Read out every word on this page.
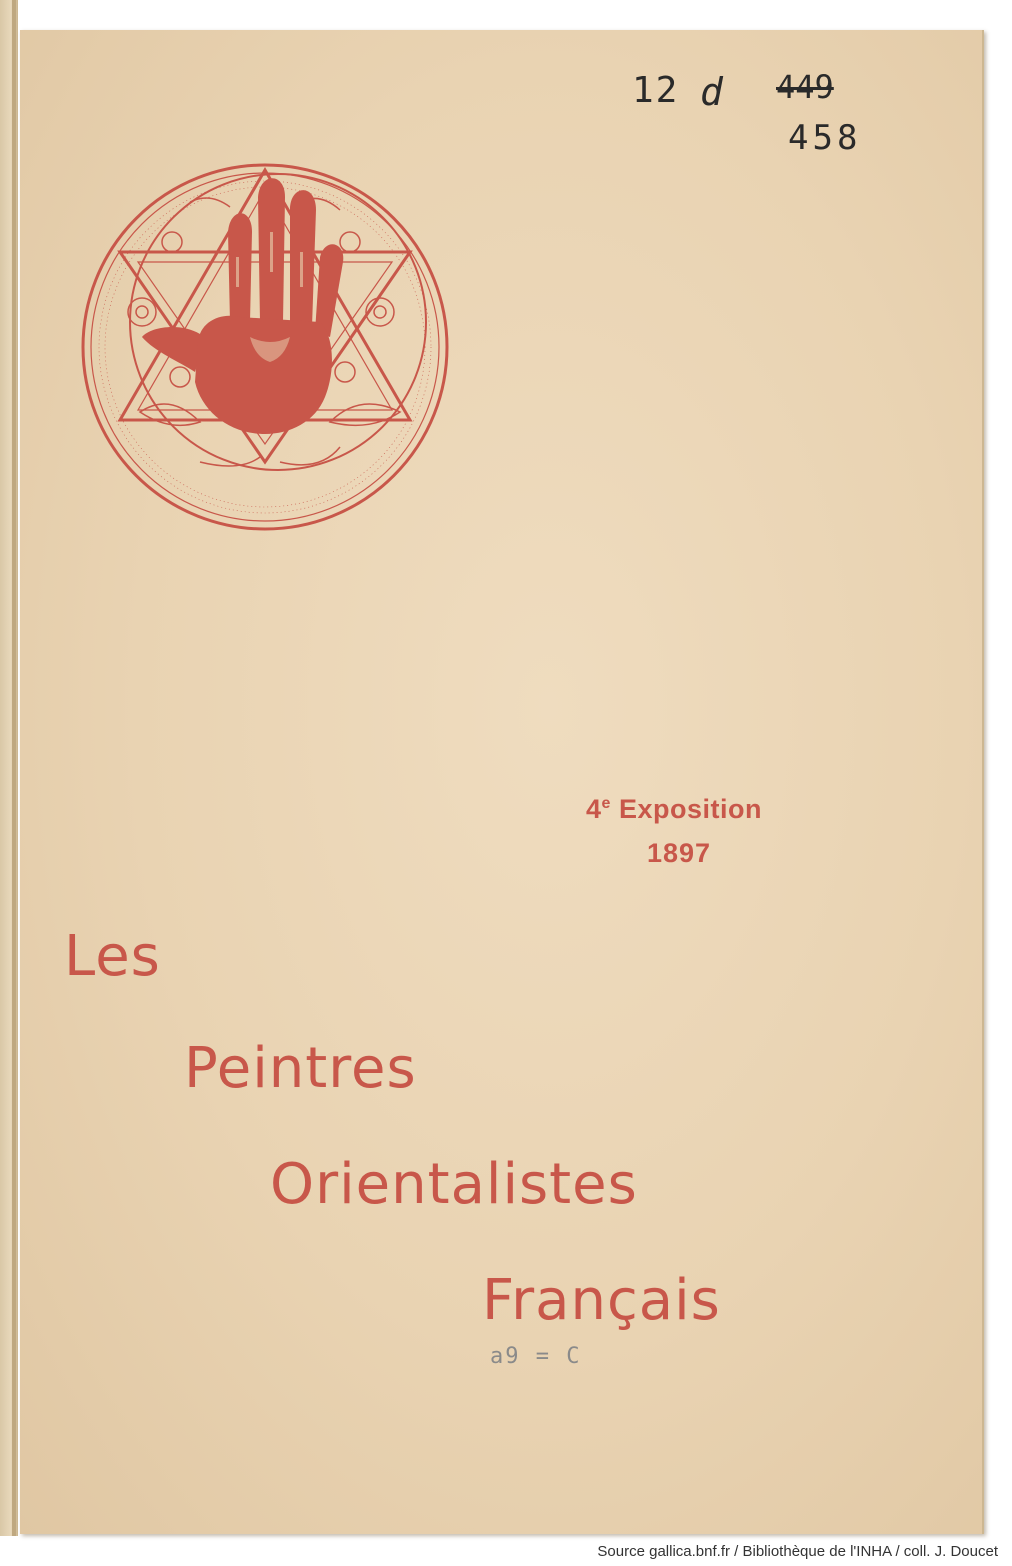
12 d 449
458
4e Exposition
1897
Les
Peintres
Orientalistes
Français
a9 = C
Source gallica.bnf.fr / Bibliothèque de l'INHA / coll. J. Doucet
